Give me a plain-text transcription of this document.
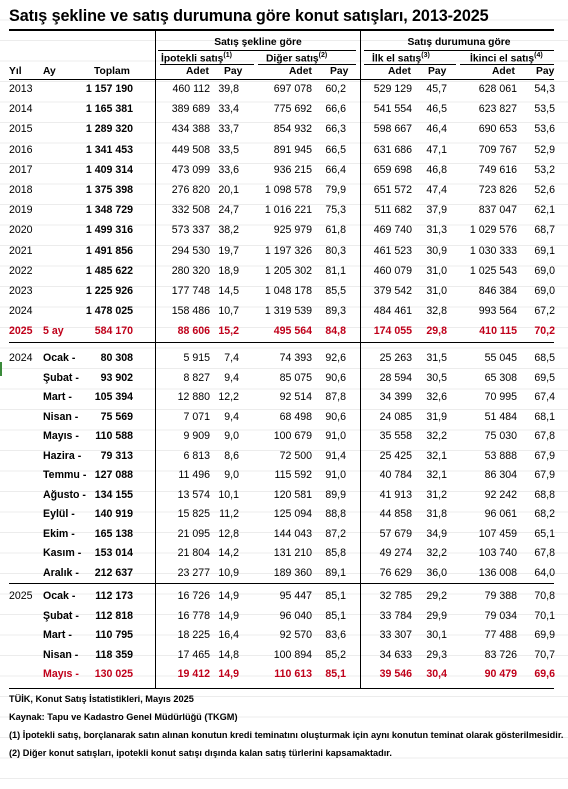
Satış şekline ve satış durumuna göre konut satışları, 2013-2025
Satış şekline göre	Satış durumuna göre
İpotekli satış$^{(1)}$	Diğer satış$^{(2)}$	İlk el satış$^{(3)}$	İkinci el satış$^{(4)}$
Yıl Ay	Toplam	Adet Pay	Adet Pay	Adet Pay	Adet Pay
2013	1 157 190	460 112 39,8	697 078	60,2	529 129	45,7	628 061	54,3
2014	1 165 381	389 689 33,4	775 692	66,6	541 554	46,5	623 827	53,5
2015	1 289 320	434 388 33,7	854 932	66,3	598 667	46,4	690 653	53,6
2016	1 341 453	449 508 33,5	891 945	66,5	631 686	47,1	709 767	52,9
2017	1 409 314	473 099 33,6	936 215	66,4	659 698	46,8	749 616	53,2
2018	1 375 398	276 820 20,1	1 098 578	79,9	651 572	47,4	723 826	52,6
2019	1 348 729	332 508 24,7	1 016 221	75,3	511 682	37,9	837 047	62,1
2020	1 499 316	573 337 38,2	925 979	61,8	469 740	31,3	1 029 576	68,7
2021	1 491 856	294 530 19,7	1 197 326	80,3	461 523	30,9	1 030 333	69,1
2022	1 485 622	280 320 18,9	1 205 302	81,1	460 079	31,0	1 025 543	69,0
2023	1 225 926	177 748 14,5	1 048 178	85,5	379 542	31,0	846 384	69,0
2024	1 478 025	158 486 10,7	1 319 539	89,3	484 461	32,8	993 564	67,2
2025 5 ay	584 170	88 606 15,2	495 564	84,8	174 055	29,8	410 115	70,2
2024 Ocak -	80 308	5 915	7,4	74 393	92,6	25 263	31,5	55 045	68,5
Şubat -	93 902	8 827	9,4	85 075	90,6	28 594	30,5	65 308	69,5
Mart -	105 394	12 880 12,2	92 514	87,8	34 399	32,6	70 995	67,4
Nisan -	75 569	7 071	9,4	68 498	90,6	24 085	31,9	51 484	68,1
Mayıs -	110 588	9 909	9,0	100 679	91,0	35 558	32,2	75 030	67,8
Hazira -	79 313	6 813	8,6	72 500	91,4	25 425	32,1	53 888	67,9
Temmu - 127 088	11 496	9,0	115 592	91,0	40 784	32,1	86 304	67,9
Ağusto - 134 155	13 574 10,1	120 581	89,9	41 913	31,2	92 242	68,8
Eylül -	140 919	15 825 11,2	125 094	88,8	44 858	31,8	96 061	68,2
Ekim -	165 138	21 095 12,8	144 043	87,2	57 679	34,9	107 459	65,1
Kasım -	153 014	21 804 14,2	131 210	85,8	49 274	32,2	103 740	67,8
Aralık -	212 637	23 277 10,9	189 360	89,1	76 629	36,0	136 008	64,0
2025 Ocak -	112 173	16 726 14,9	95 447	85,1	32 785	29,2	79 388	70,8
Şubat -	112 818	16 778 14,9	96 040	85,1	33 784	29,9	79 034	70,1
Mart -	110 795	18 225 16,4	92 570	83,6	33 307	30,1	77 488	69,9
Nisan -	118 359	17 465 14,8	100 894	85,2	34 633	29,3	83 726	70,7
Mayıs -	130 025	19 412 14,9	110 613	85,1	39 546	30,4	90 479	69,6
TÜİK, Konut Satış İstatistikleri, Mayıs 2025
Kaynak: Tapu ve Kadastro Genel Müdürlüğü (TKGM)
(1) İpotekli satış, borçlanarak satın alınan konutun kredi teminatını oluşturmak için aynı konutun teminat olarak gösterilmesidir.
(2) Diğer konut satışları, ipotekli konut satışı dışında kalan satış türlerini kapsamaktadır.
